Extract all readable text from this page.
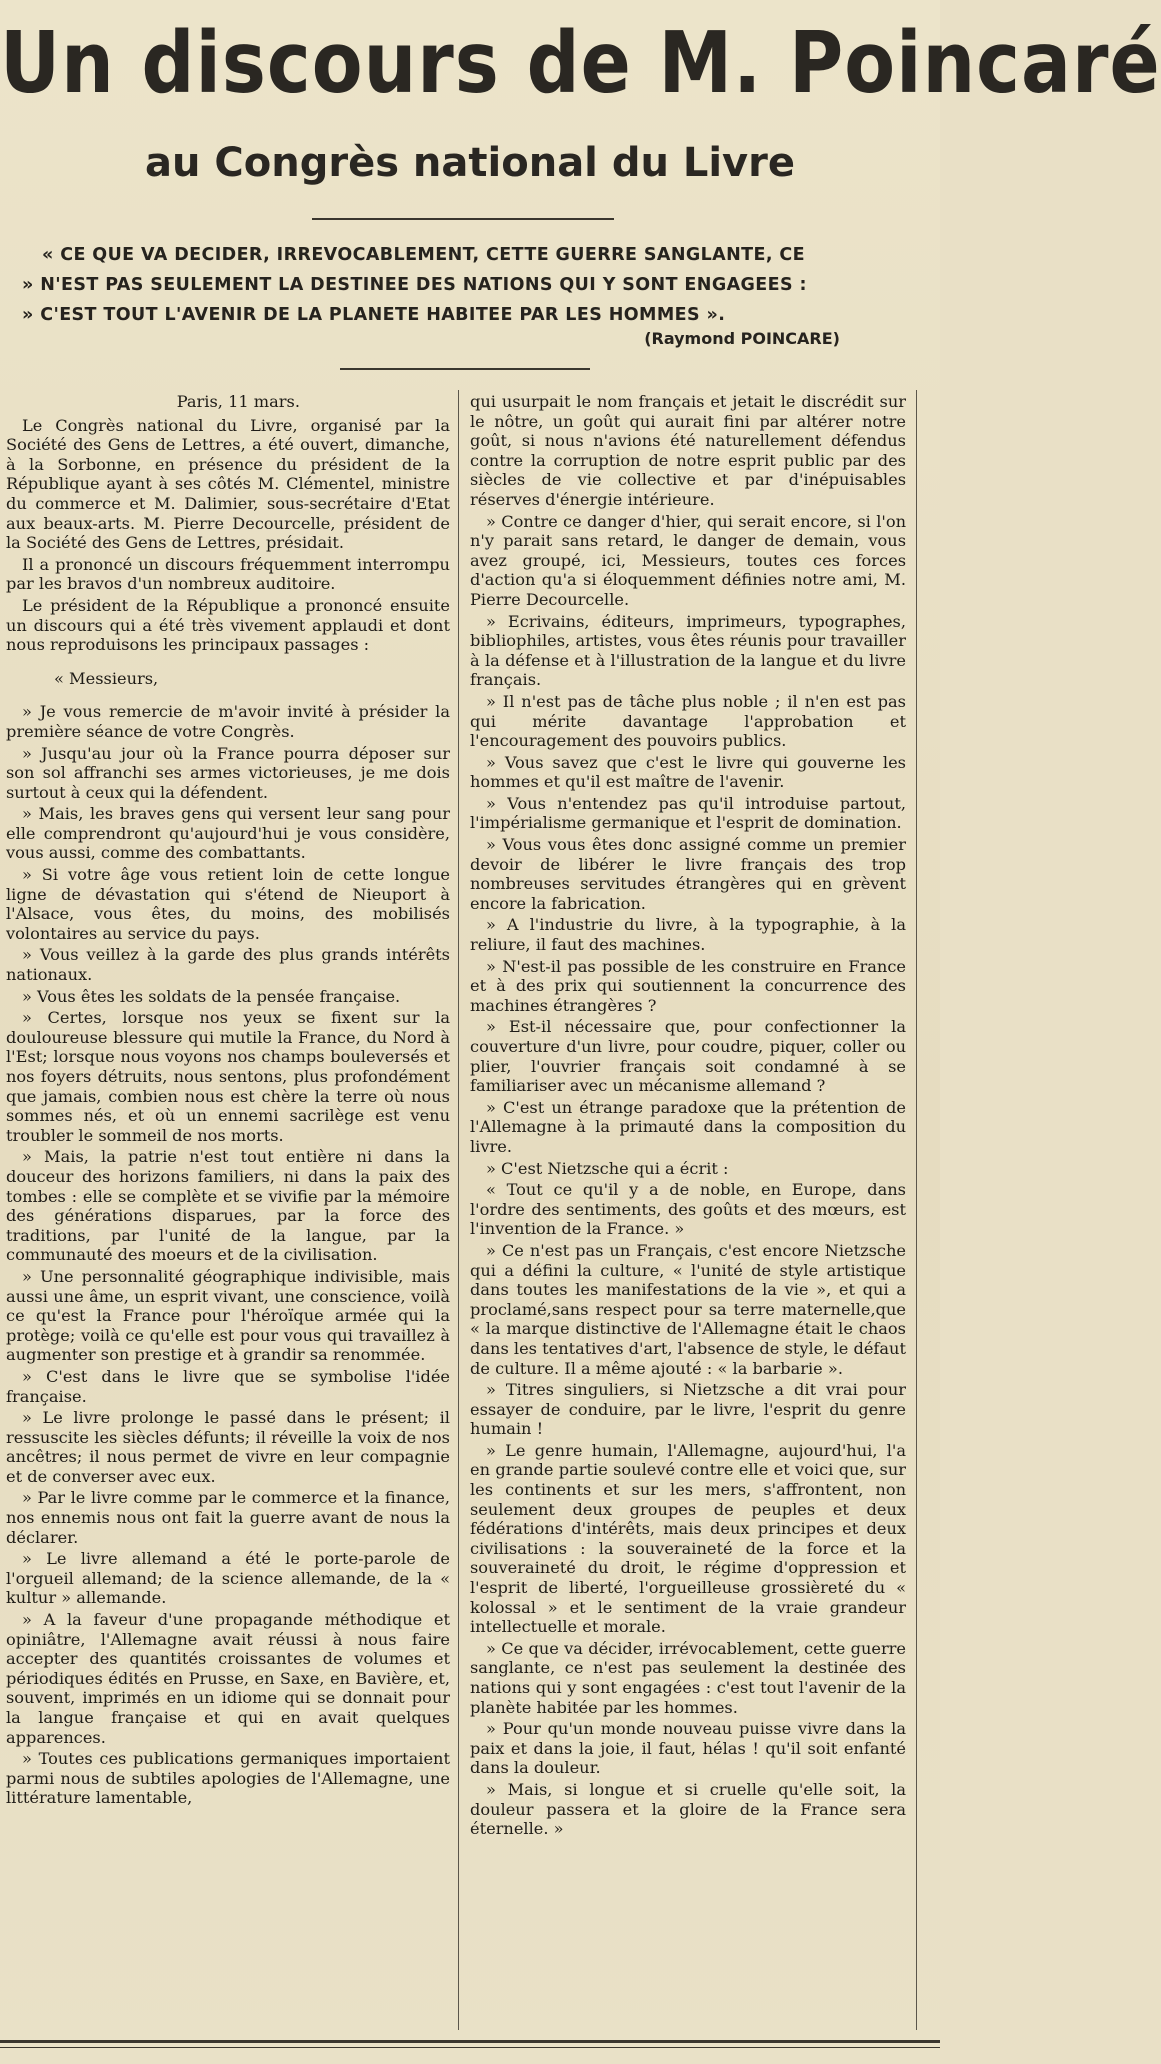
Un discours de M. Poincaré
au Congrès national du Livre
« CE QUE VA DECIDER, IRREVOCABLEMENT, CETTE GUERRE SANGLANTE, CE
» N'EST PAS SEULEMENT LA DESTINEE DES NATIONS QUI Y SONT ENGAGEES :
» C'EST TOUT L'AVENIR DE LA PLANETE HABITEE PAR LES HOMMES ».
(Raymond POINCARE)

Paris, 11 mars.

Le Congrès national du Livre, organisé par la Société des Gens de Lettres, a été ouvert, dimanche, à la Sorbonne, en présence du président de la République ayant à ses côtés M. Clémentel, ministre du commerce et M. Dalimier, sous-secrétaire d'Etat aux beaux-arts. M. Pierre Decourcelle, président de la Société des Gens de Lettres, présidait.

Il a prononcé un discours fréquemment interrompu par les bravos d'un nombreux auditoire.

Le président de la République a prononcé ensuite un discours qui a été très vivement applaudi et dont nous reproduisons les principaux passages :

« Messieurs,

» Je vous remercie de m'avoir invité à présider la première séance de votre Congrès.

» Jusqu'au jour où la France pourra déposer sur son sol affranchi ses armes victorieuses, je me dois surtout à ceux qui la défendent.

» Mais, les braves gens qui versent leur sang pour elle comprendront qu'aujourd'hui je vous considère, vous aussi, comme des combattants.

» Si votre âge vous retient loin de cette longue ligne de dévastation qui s'étend de Nieuport à l'Alsace, vous êtes, du moins, des mobilisés volontaires au service du pays.

» Vous veillez à la garde des plus grands intérêts nationaux.

» Vous êtes les soldats de la pensée française.

» Certes, lorsque nos yeux se fixent sur la douloureuse blessure qui mutile la France, du Nord à l'Est; lorsque nous voyons nos champs bouleversés et nos foyers détruits, nous sentons, plus profondément que jamais, combien nous est chère la terre où nous sommes nés, et où un ennemi sacrilège est venu troubler le sommeil de nos morts.

» Mais, la patrie n'est tout entière ni dans la douceur des horizons familiers, ni dans la paix des tombes : elle se complète et se vivifie par la mémoire des générations disparues, par la force des traditions, par l'unité de la langue, par la communauté des moeurs et de la civilisation.

» Une personnalité géographique indivisible, mais aussi une âme, un esprit vivant, une conscience, voilà ce qu'est la France pour l'héroïque armée qui la protège; voilà ce qu'elle est pour vous qui travaillez à augmenter son prestige et à grandir sa renommée.

» C'est dans le livre que se symbolise l'idée française.

» Le livre prolonge le passé dans le présent; il ressuscite les siècles défunts; il réveille la voix de nos ancêtres; il nous permet de vivre en leur compagnie et de converser avec eux.

» Par le livre comme par le commerce et la finance, nos ennemis nous ont fait la guerre avant de nous la déclarer.

» Le livre allemand a été le porte-parole de l'orgueil allemand; de la science allemande, de la « kultur » allemande.

» A la faveur d'une propagande méthodique et opiniâtre, l'Allemagne avait réussi à nous faire accepter des quantités croissantes de volumes et périodiques édités en Prusse, en Saxe, en Bavière, et, souvent, imprimés en un idiome qui se donnait pour la langue française et qui en avait quelques apparences.

» Toutes ces publications germaniques importaient parmi nous de subtiles apologies de l'Allemagne, une littérature lamentable,

qui usurpait le nom français et jetait le discrédit sur le nôtre, un goût qui aurait fini par altérer notre goût, si nous n'avions été naturellement défendus contre la corruption de notre esprit public par des siècles de vie collective et par d'inépuisables réserves d'énergie intérieure.

» Contre ce danger d'hier, qui serait encore, si l'on n'y parait sans retard, le danger de demain, vous avez groupé, ici, Messieurs, toutes ces forces d'action qu'a si éloquemment définies notre ami, M. Pierre Decourcelle.

» Ecrivains, éditeurs, imprimeurs, typographes, bibliophiles, artistes, vous êtes réunis pour travailler à la défense et à l'illustration de la langue et du livre français.

» Il n'est pas de tâche plus noble ; il n'en est pas qui mérite davantage l'approbation et l'encouragement des pouvoirs publics.

» Vous savez que c'est le livre qui gouverne les hommes et qu'il est maître de l'avenir.

» Vous n'entendez pas qu'il introduise partout, l'impérialisme germanique et l'esprit de domination.

» Vous vous êtes donc assigné comme un premier devoir de libérer le livre français des trop nombreuses servitudes étrangères qui en grèvent encore la fabrication.

» A l'industrie du livre, à la typographie, à la reliure, il faut des machines.

» N'est-il pas possible de les construire en France et à des prix qui soutiennent la concurrence des machines étrangères ?

» Est-il nécessaire que, pour confectionner la couverture d'un livre, pour coudre, piquer, coller ou plier, l'ouvrier français soit condamné à se familiariser avec un mécanisme allemand ?

» C'est un étrange paradoxe que la prétention de l'Allemagne à la primauté dans la composition du livre.

» C'est Nietzsche qui a écrit :

« Tout ce qu'il y a de noble, en Europe, dans l'ordre des sentiments, des goûts et des mœurs, est l'invention de la France. »

» Ce n'est pas un Français, c'est encore Nietzsche qui a défini la culture, « l'unité de style artistique dans toutes les manifestations de la vie », et qui a proclamé,sans respect pour sa terre maternelle,que « la marque distinctive de l'Allemagne était le chaos dans les tentatives d'art, l'absence de style, le défaut de culture. Il a même ajouté : « la barbarie ».

» Titres singuliers, si Nietzsche a dit vrai pour essayer de conduire, par le livre, l'esprit du genre humain !

» Le genre humain, l'Allemagne, aujourd'hui, l'a en grande partie soulevé contre elle et voici que, sur les continents et sur les mers, s'affrontent, non seulement deux groupes de peuples et deux fédérations d'intérêts, mais deux principes et deux civilisations : la souveraineté de la force et la souveraineté du droit, le régime d'oppression et l'esprit de liberté, l'orgueilleuse grossièreté du « kolossal » et le sentiment de la vraie grandeur intellectuelle et morale.

» Ce que va décider, irrévocablement, cette guerre sanglante, ce n'est pas seulement la destinée des nations qui y sont engagées : c'est tout l'avenir de la planète habitée par les hommes.

» Pour qu'un monde nouveau puisse vivre dans la paix et dans la joie, il faut, hélas ! qu'il soit enfanté dans la douleur.

» Mais, si longue et si cruelle qu'elle soit, la douleur passera et la gloire de la France sera éternelle. »
